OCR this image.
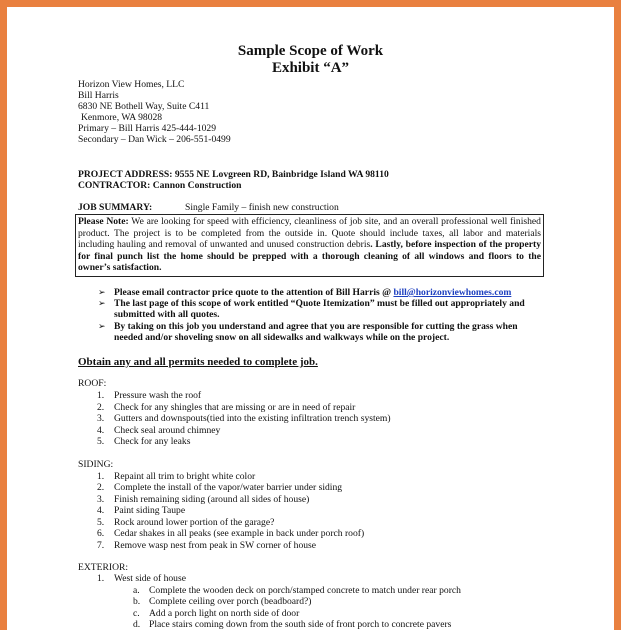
Sample Scope of Work
Exhibit “A”
Horizon View Homes, LLC
Bill Harris
6830 NE Bothell Way, Suite C411
Kenmore, WA 98028
Primary – Bill Harris 425-444-1029
Secondary – Dan Wick – 206-551-0499
PROJECT ADDRESS: 9555 NE Lovgreen RD, Bainbridge Island WA 98110
CONTRACTOR: Cannon Construction
JOB SUMMARY:	Single Family – finish new construction
Please Note: We are looking for speed with efficiency, cleanliness of job site, and an overall professional well finished product. The project is to be completed from the outside in. Quote should include taxes, all labor and materials including hauling and removal of unwanted and unused construction debris. Lastly, before inspection of the property for final punch list the home should be prepped with a thorough cleaning of all windows and floors to the owner’s satisfaction.
➢ Please email contractor price quote to the attention of Bill Harris @ bill@horizonviewhomes.com
➢ The last page of this scope of work entitled “Quote Itemization” must be filled out appropriately and
submitted with all quotes.
➢ By taking on this job you understand and agree that you are responsible for cutting the grass when
needed and/or shoveling snow on all sidewalks and walkways while on the project.
Obtain any and all permits needed to complete job.
ROOF:
1. Pressure wash the roof
2. Check for any shingles that are missing or are in need of repair
3. Gutters and downspouts(tied into the existing infiltration trench system)
4. Check seal around chimney
5. Check for any leaks
SIDING:
1. Repaint all trim to bright white color
2. Complete the install of the vapor/water barrier under siding
3. Finish remaining siding (around all sides of house)
4. Paint siding Taupe
5. Rock around lower portion of the garage?
6. Cedar shakes in all peaks (see example in back under porch roof)
7. Remove wasp nest from peak in SW corner of house
EXTERIOR:
1. West side of house
a. Complete the wooden deck on porch/stamped concrete to match under rear porch
b. Complete ceiling over porch (beadboard?)
c. Add a porch light on north side of door
d. Place stairs coming down from the south side of front porch to concrete pavers
